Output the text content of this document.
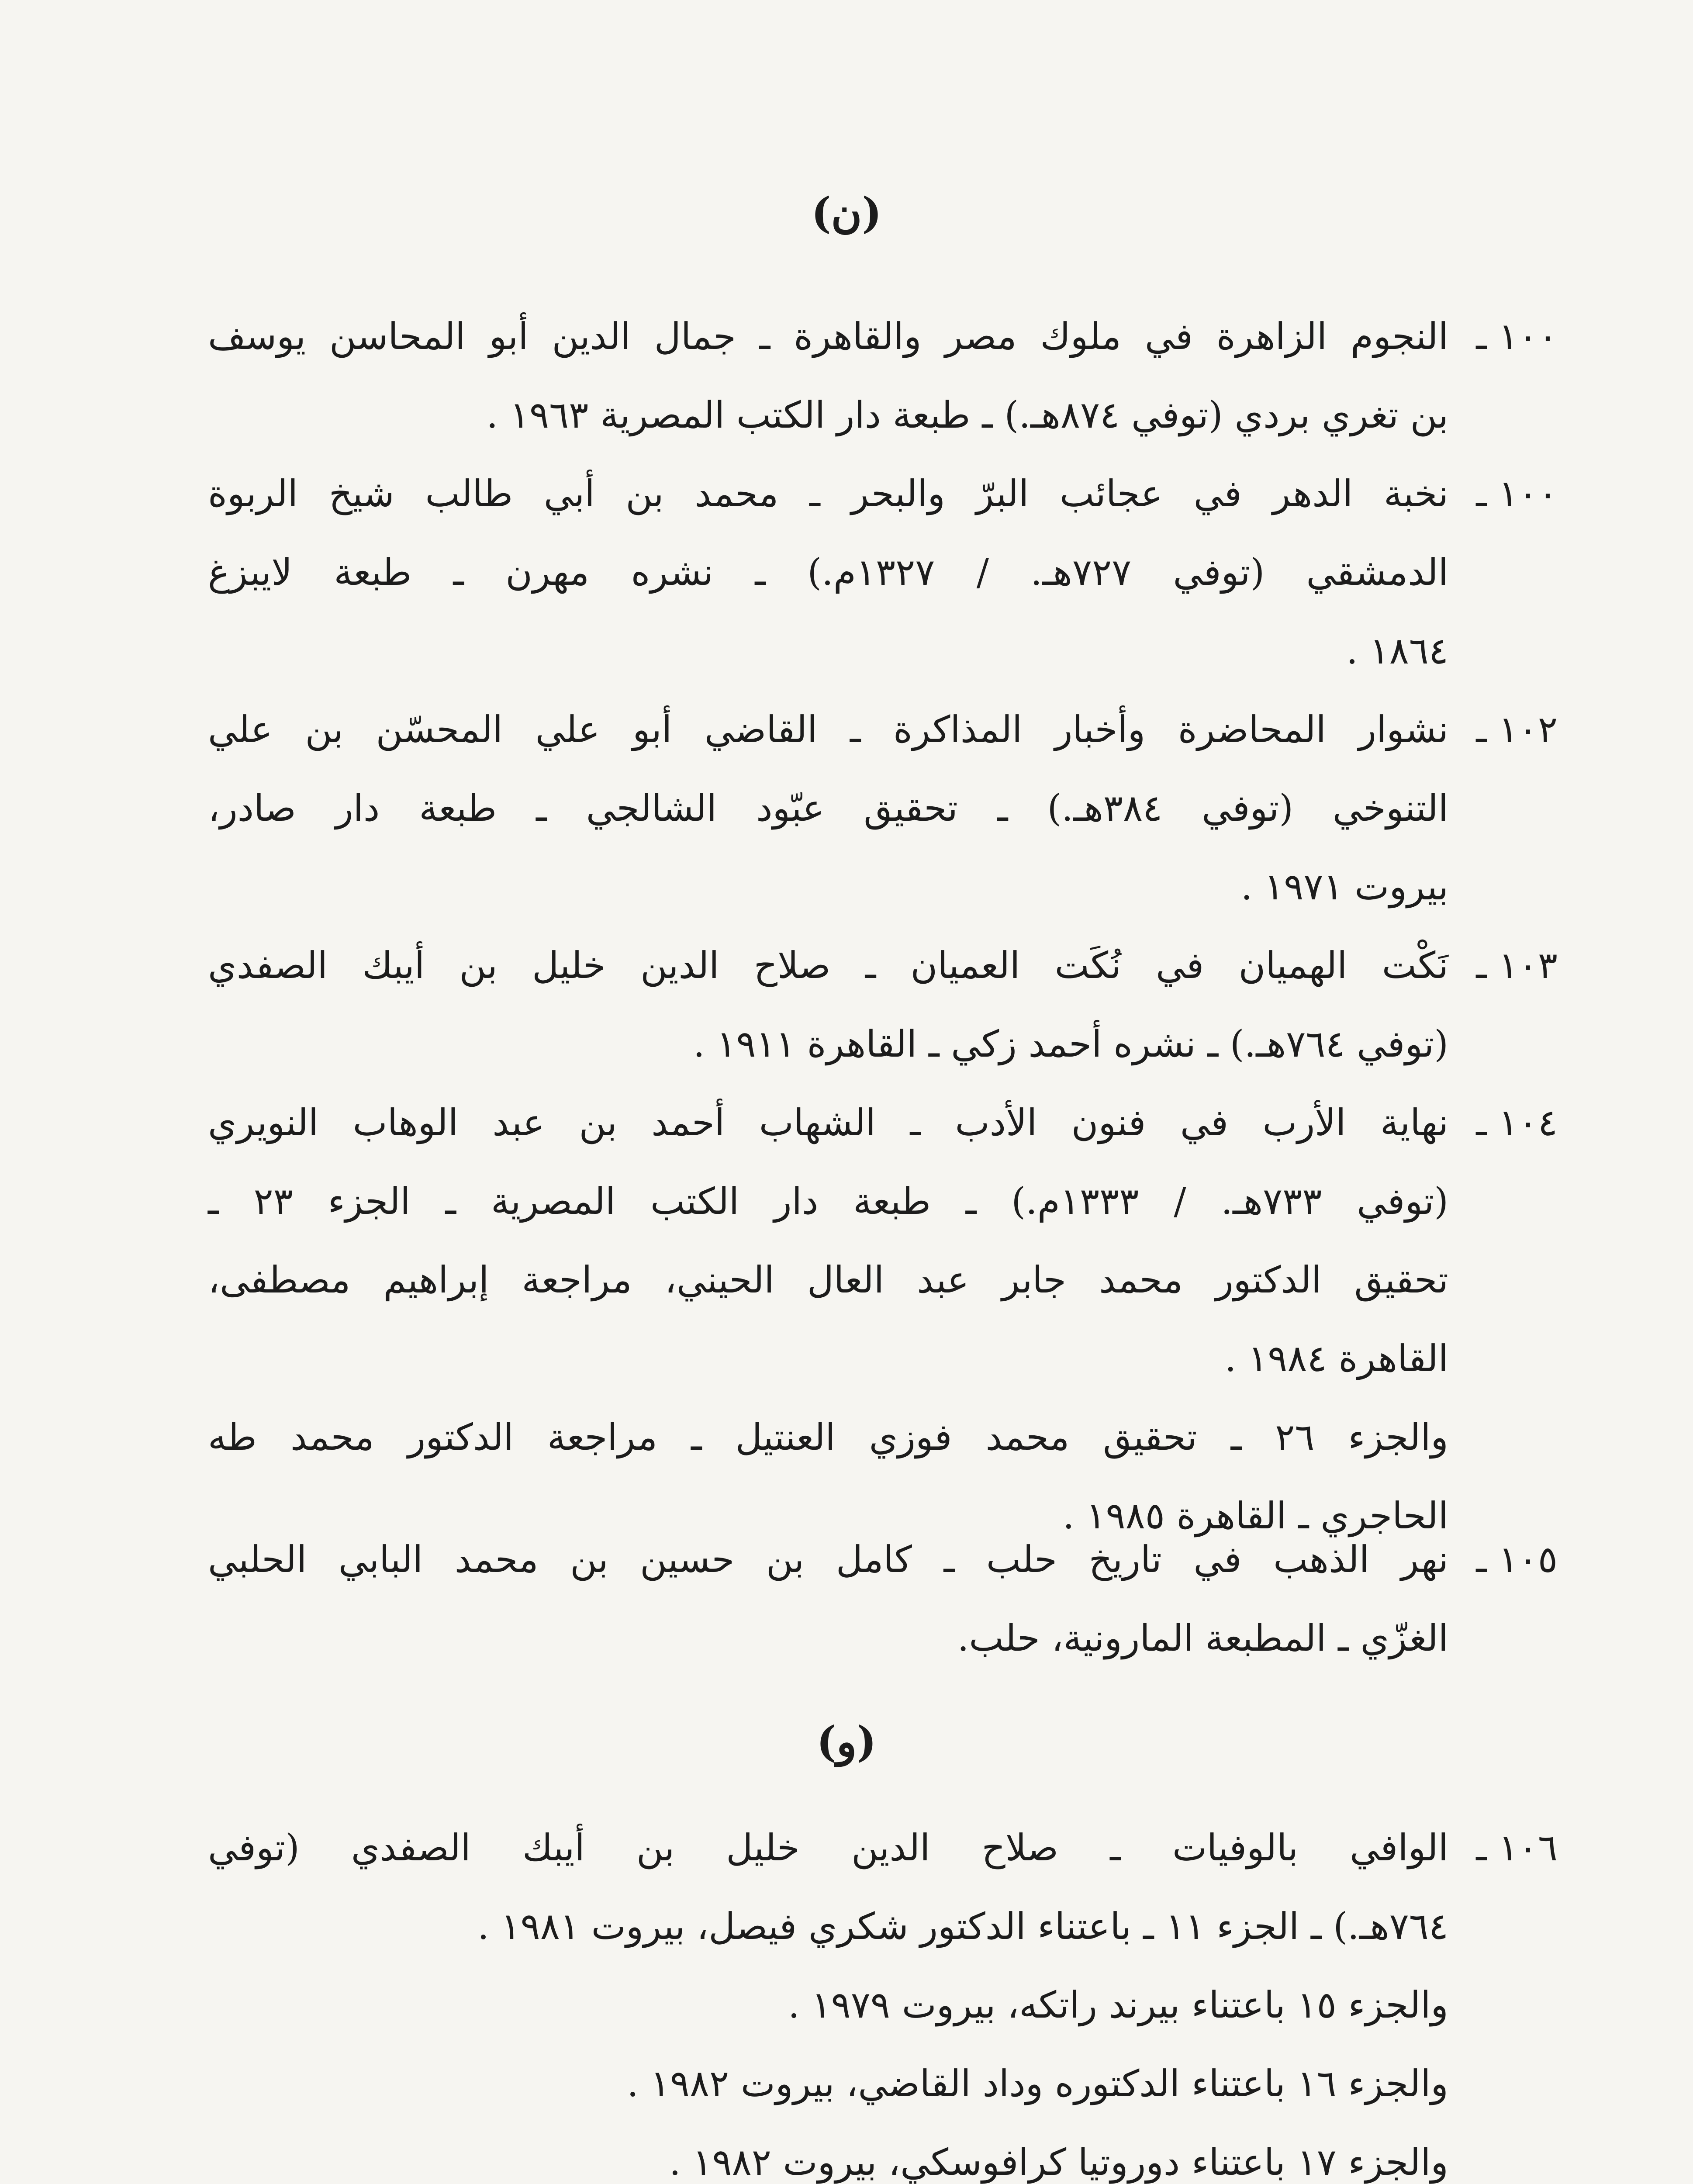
(ن)
١٠٠ ـ
النجوم الزاهرة في ملوك مصر والقاهرة ـ جمال الدين أبو المحاسن يوسف
بن تغري بردي (توفي ٨٧٤هـ.) ـ طبعة دار الكتب المصرية ١٩٦٣ .
١٠٠ ـ
نخبة الدهر في عجائب البرّ والبحر ـ محمد بن أبي طالب شيخ الربوة
الدمشقي (توفي ٧٢٧هـ. / ١٣٢٧م.) ـ نشره مهرن ـ طبعة لايبزغ
١٨٦٤ .
١٠٢ ـ
نشوار المحاضرة وأخبار المذاكرة ـ القاضي أبو علي المحسّن بن علي
التنوخي (توفي ٣٨٤هـ.) ـ تحقيق عبّود الشالجي ـ طبعة دار صادر،
بيروت ١٩٧١ .
١٠٣ ـ
نَكْت الهميان في نُكَت العميان ـ صلاح الدين خليل بن أيبك الصفدي
(توفي ٧٦٤هـ.) ـ نشره أحمد زكي ـ القاهرة ١٩١١ .
١٠٤ ـ
نهاية الأرب في فنون الأدب ـ الشهاب أحمد بن عبد الوهاب النويري
(توفي ٧٣٣هـ. / ١٣٣٣م.) ـ طبعة دار الكتب المصرية ـ الجزء ٢٣ ـ
تحقيق الدكتور محمد جابر عبد العال الحيني، مراجعة إبراهيم مصطفى،
القاهرة ١٩٨٤ .
والجزء ٢٦ ـ تحقيق محمد فوزي العنتيل ـ مراجعة الدكتور محمد طه
الحاجري ـ القاهرة ١٩٨٥ .
١٠٥ ـ
نهر الذهب في تاريخ حلب ـ كامل بن حسين بن محمد البابي الحلبي
الغزّي ـ المطبعة المارونية، حلب.
(و)
١٠٦ ـ
الوافي بالوفيات ـ صلاح الدين خليل بن أيبك الصفدي (توفي
٧٦٤هـ.) ـ الجزء ١١ ـ باعتناء الدكتور شكري فيصل، بيروت ١٩٨١ .
والجزء ١٥ باعتناء بيرند راتكه، بيروت ١٩٧٩ .
والجزء ١٦ باعتناء الدكتوره وداد القاضي، بيروت ١٩٨٢ .
والجزء ١٧ باعتناء دوروتيا كرافوسكي، بيروت ١٩٨٢ .
